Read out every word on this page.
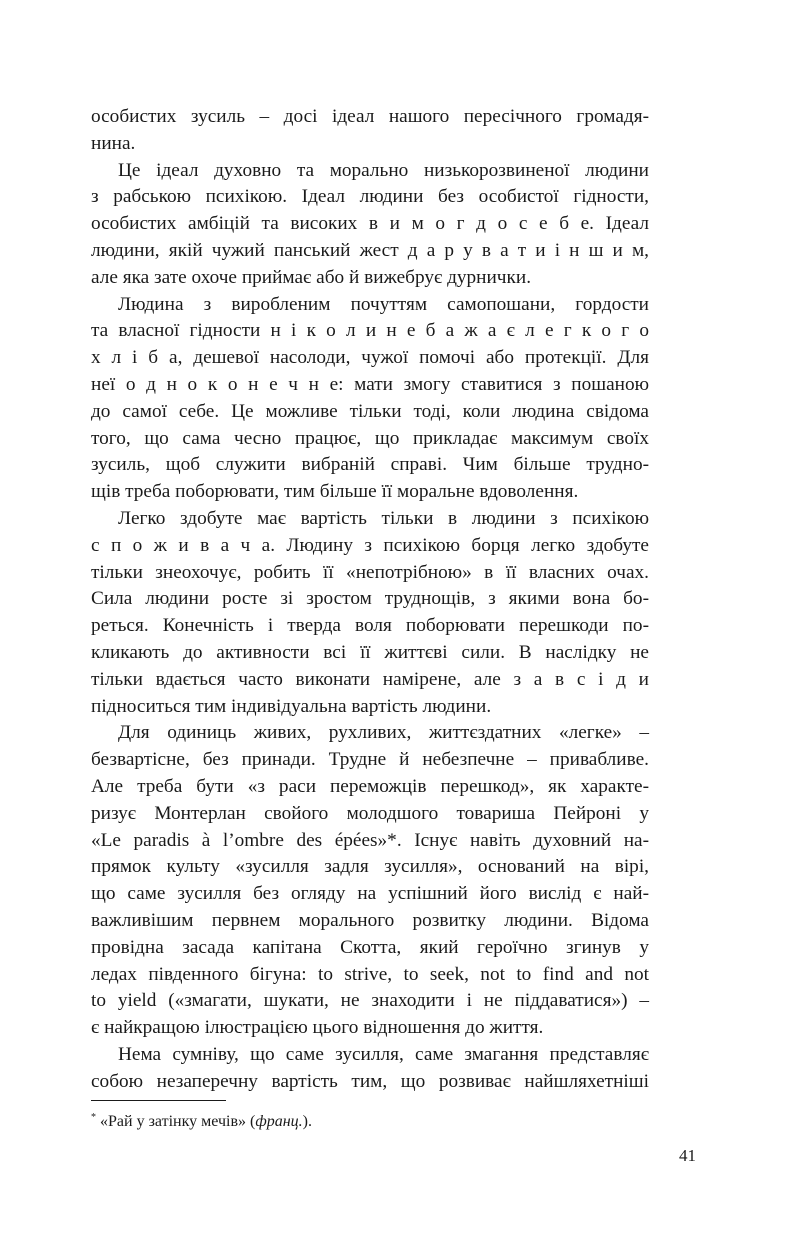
особистих зусиль – досі ідеал нашого пересічного громадя-
нина.
Це ідеал духовно та морально низькорозвиненої людини
з рабською психікою. Ідеал людини без особистої гідности,
особистих амбіцій та високих в и м о г д о с е б е. Ідеал
людини, якій чужий панський жест д а р у в а т и і н ш и м,
але яка зате охоче приймає або й вижебрує дурнички.
Людина з виробленим почуттям самопошани, гордости
та власної гідности н і к о л и н е б а ж а є л е г к о г о
х л і б а, дешевої насолоди, чужої помочі або протекції. Для
неї о д н о к о н е ч н е: мати змогу ставитися з пошаною
до самої себе. Це можливе тільки тоді, коли людина свідома
того, що сама чесно працює, що прикладає максимум своїх
зусиль, щоб служити вибраній справі. Чим більше трудно-
щів треба поборювати, тим більше її моральне вдоволення.
Легко здобуте має вартість тільки в людини з психікою
с п о ж и в а ч а. Людину з психікою борця легко здобуте
тільки знеохочує, робить її «непотрібною» в її власних очах.
Сила людини росте зі зростом труднощів, з якими вона бо-
реться. Конечність і тверда воля поборювати перешкоди по-
кликають до активности всі її життєві сили. В наслідку не
тільки вдається часто виконати намірене, але з а в с і д и
підноситься тим індивідуальна вартість людини.
Для одиниць живих, рухливих, життєздатних «легке» –
безвартісне, без принади. Трудне й небезпечне – привабливе.
Але треба бути «з раси переможців перешкод», як характе-
ризує Монтерлан свойого молодшого товариша Пейроні у
«Le paradis à l’ombre des épées»*. Існує навіть духовний на-
прямок культу «зусилля задля зусилля», оснований на вірі,
що саме зусилля без огляду на успішний його вислід є най-
важливішим первнем морального розвитку людини. Відома
провідна засада капітана Скотта, який героїчно згинув у
ледах південного бігуна: to strive, to seek, not to find and not
to yield («змагати, шукати, не знаходити і не піддаватися») –
є найкращою ілюстрацією цього відношення до життя.
Нема сумніву, що саме зусилля, саме змагання представляє
собою незаперечну вартість тим, що розвиває найшляхетніші
* «Рай у затінку мечів» (франц.).
41
